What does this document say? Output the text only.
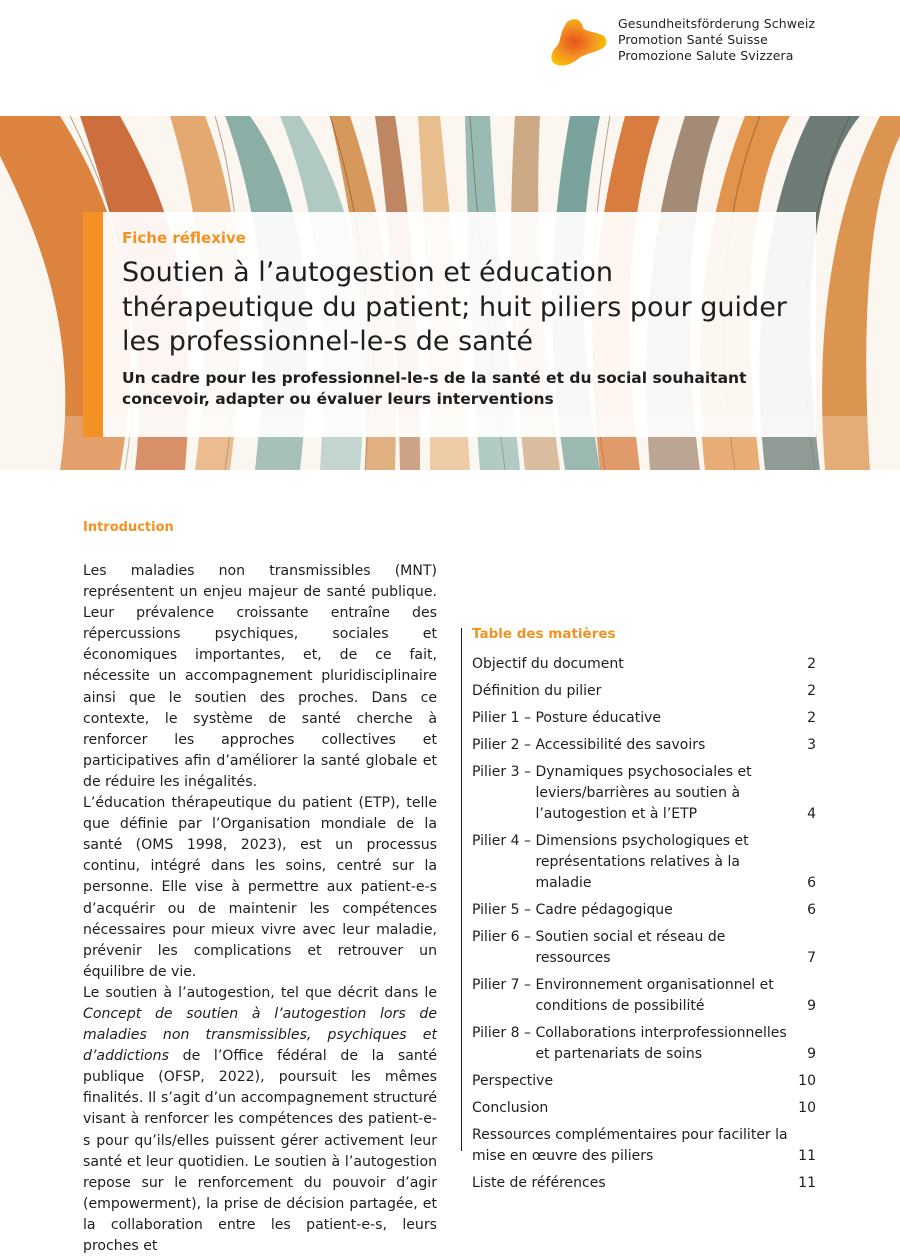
Gesundheitsförderung Schweiz
Promotion Santé Suisse
Promozione Salute Svizzera
Fiche réflexive
Soutien à l’autogestion et éducation thérapeutique du patient; huit piliers pour guider les professionnel-le-s de santé

Un cadre pour les professionnel-le-s de la santé et du social souhaitant concevoir, adapter ou évaluer leurs interventions

Introduction

Les maladies non transmissibles (MNT) représentent un enjeu majeur de santé publique. Leur prévalence croissante entraîne des répercussions psychiques, sociales et économiques importantes, et, de ce fait, nécessite un accompagnement pluridisciplinaire ainsi que le soutien des proches. Dans ce contexte, le système de santé cherche à renforcer les approches collectives et participatives afin d’améliorer la santé globale et de réduire les inégalités.

L’éducation thérapeutique du patient (ETP), telle que définie par l’Organisation mondiale de la santé (OMS 1998, 2023), est un processus continu, intégré dans les soins, centré sur la personne. Elle vise à permettre aux patient-e-s d’acquérir ou de maintenir les compétences nécessaires pour mieux vivre avec leur maladie, prévenir les complications et retrouver un équilibre de vie.

Le soutien à l’autogestion, tel que décrit dans le Concept de soutien à l’autogestion lors de maladies non transmissibles, psychiques et d’addictions de l’Office fédéral de la santé publique (OFSP, 2022), poursuit les mêmes finalités. Il s’agit d’un accompagnement structuré visant à renforcer les compétences des patient-e-s pour qu’ils/elles puissent gérer activement leur santé et leur quotidien. Le soutien à l’autogestion repose sur le renforcement du pouvoir d’agir (empowerment), la prise de décision partagée, et la collaboration entre les patient-e-s, leurs proches et

Table des matières
Objectif du document	2
Définition du pilier	2
Pilier 1 – Posture éducative	2
Pilier 2 – Accessibilité des savoirs	3
Pilier 3 – Dynamiques psychosociales et leviers/barrières au soutien à l’autogestion et à l’ETP	4
Pilier 4 – Dimensions psychologiques et représentations relatives à la maladie	6
Pilier 5 – Cadre pédagogique	6
Pilier 6 – Soutien social et réseau de ressources	7
Pilier 7 – Environnement organisationnel et conditions de possibilité	9
Pilier 8 – Collaborations interprofessionnelles et partenariats de soins	9
Perspective	10
Conclusion	10
Ressources complémentaires pour faciliter la mise en œuvre des piliers	11
Liste de références	11
